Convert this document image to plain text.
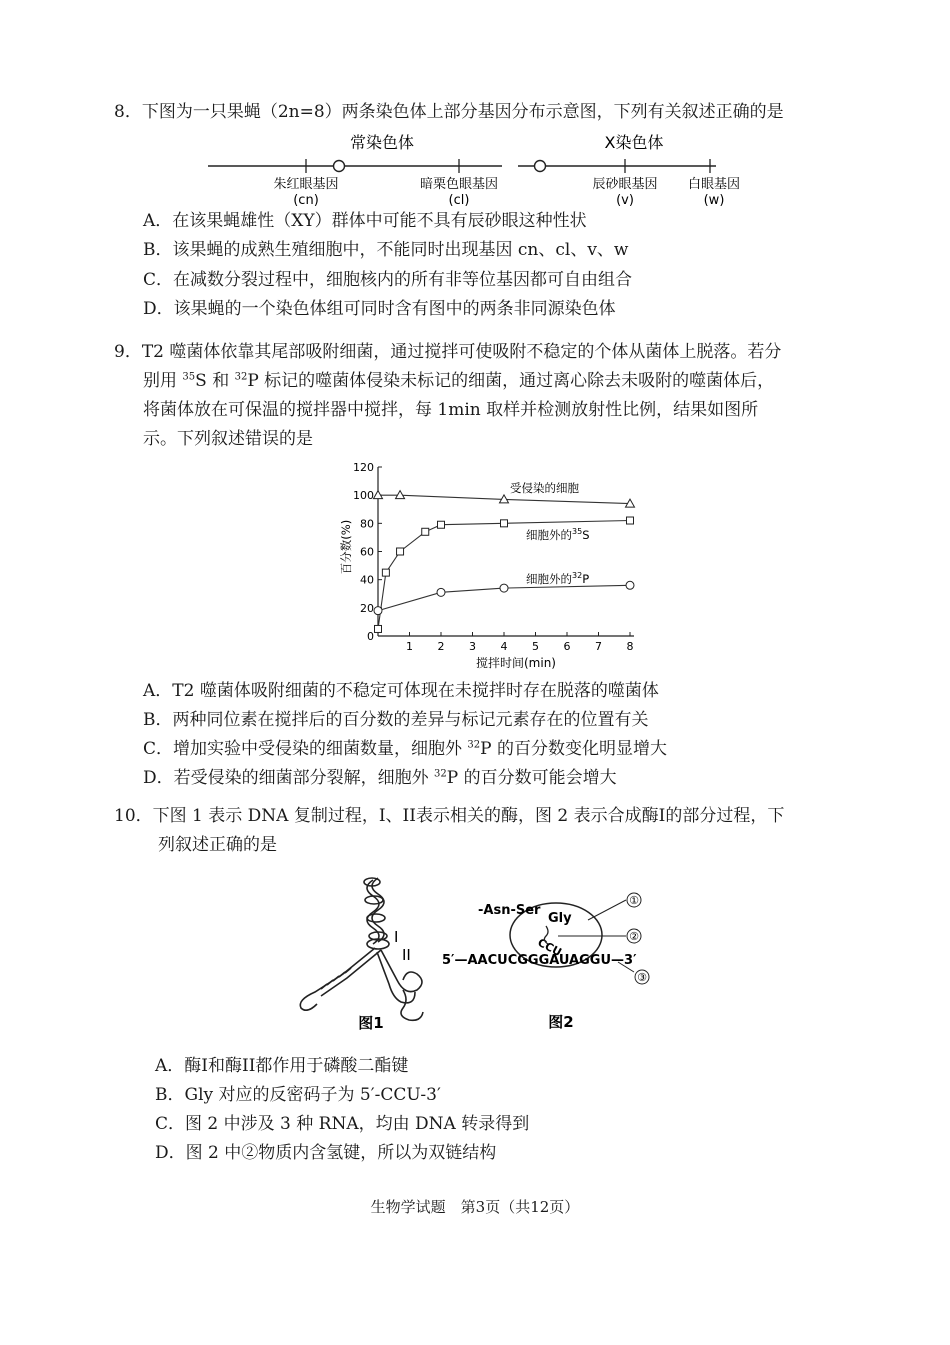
8．下图为一只果蝇（2n=8）两条染色体上部分基因分布示意图，下列有关叙述正确的是
常染色体	X染色体
朱红眼基因
(cn)
暗栗色眼基因
(cl)
辰砂眼基因
(v)
白眼基因
(w)
A．在该果蝇雄性（XY）群体中可能不具有辰砂眼这种性状
B．该果蝇的成熟生殖细胞中，不能同时出现基因 cn、cl、v、w
C．在减数分裂过程中，细胞核内的所有非等位基因都可自由组合
D．该果蝇的一个染色体组可同时含有图中的两条非同源染色体
9．T2 噬菌体依靠其尾部吸附细菌，通过搅拌可使吸附不稳定的个体从菌体上脱落。若分
别用 $^{35}$S 和 $^{32}$P 标记的噬菌体侵染未标记的细菌，通过离心除去未吸附的噬菌体后，
将菌体放在可保温的搅拌器中搅拌，每 1min 取样并检测放射性比例，结果如图所
示。下列叙述错误的是
0
20
40
60
80
100
120
1 2 3 4 5 6 7 8
受侵染的细胞
细胞外的$^{35}$S
细胞外的$^{32}$P
百分数(%)
搅拌时间(min)
A．T2 噬菌体吸附细菌的不稳定可体现在未搅拌时存在脱落的噬菌体
B．两种同位素在搅拌后的百分数的差异与标记元素存在的位置有关
C．增加实验中受侵染的细菌数量，细胞外 $^{32}$P 的百分数变化明显增大
D．若受侵染的细菌部分裂解，细胞外 $^{32}$P 的百分数可能会增大
10．下图 1 表示 DNA 复制过程，I、II表示相关的酶，图 2 表示合成酶I的部分过程，下
列叙述正确的是
I
II
图1
-Asn-Ser
Gly
CCU
5′—AACUCGGGAUAGGU—3′
①
②
③
图2
A．酶I和酶II都作用于磷酸二酯键
B．Gly 对应的反密码子为 5′-CCU-3′
C．图 2 中涉及 3 种 RNA，均由 DNA 转录得到
D．图 2 中②物质内含氢键，所以为双链结构
生物学试题　第3页（共12页）
